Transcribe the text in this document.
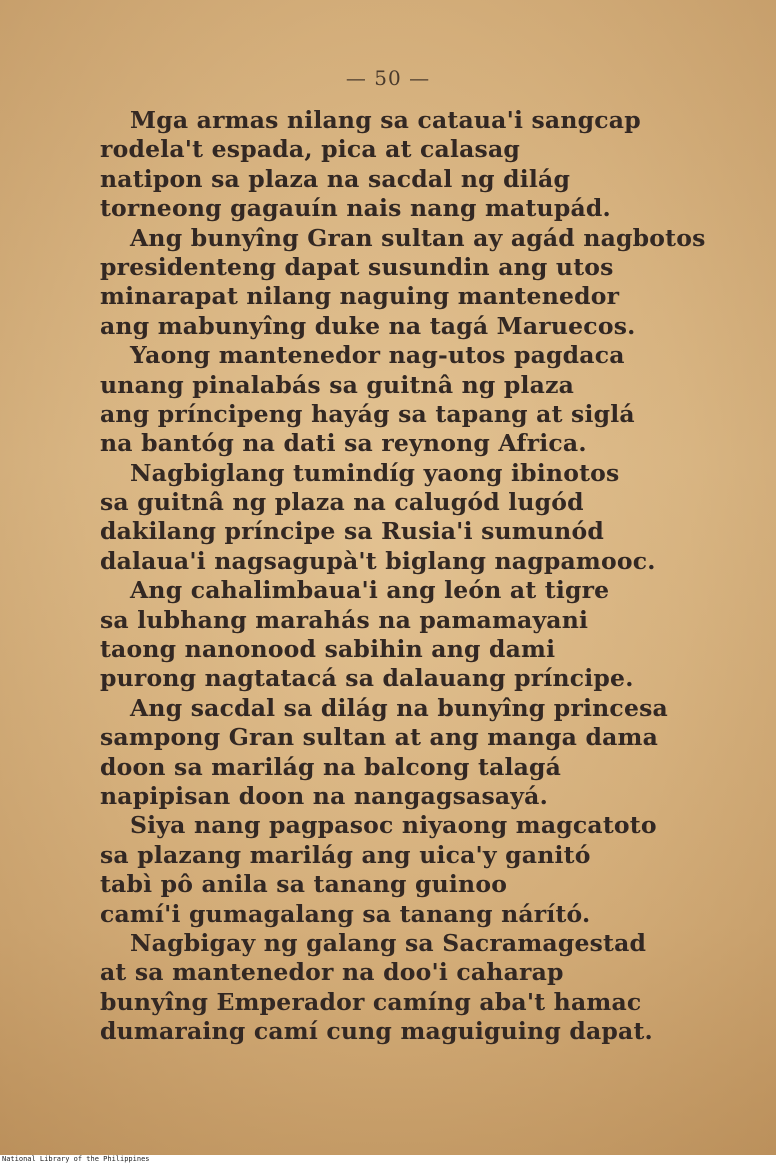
— 50 —
Mga armas nilang sa cataua'i sangcap
rodela't espada, pica at calasag
natipon sa plaza na sacdal ng dilág
torneong gagauín nais nang matupád.
Ang bunyîng Gran sultan ay agád nagbotos
presidenteng dapat susundin ang utos
minarapat nilang naguing mantenedor
ang mabunyîng duke na tagá Maruecos.
Yaong mantenedor nag-utos pagdaca
unang pinalabás sa guitnâ ng plaza
ang príncipeng hayág sa tapang at siglá
na bantóg na dati sa reynong Africa.
Nagbiglang tumindíg yaong ibinotos
sa guitnâ ng plaza na calugód lugód
dakilang príncipe sa Rusia'i sumunód
dalaua'i nagsagupà't biglang nagpamooc.
Ang cahalimbaua'i ang león at tigre
sa lubhang marahás na pamamayani
taong nanonood sabihin ang dami
purong nagtatacá sa dalauang príncipe.
Ang sacdal sa dilág na bunyîng princesa
sampong Gran sultan at ang manga dama
doon sa marilág na balcong talagá
napipisan doon na nangagsasayá.
Siya nang pagpasoc niyaong magcatoto
sa plazang marilág ang uica'y ganitó
tabì pô anila sa tanang guinoo
camí'i gumagalang sa tanang nárító.
Nagbigay ng galang sa Sacramagestad
at sa mantenedor na doo'i caharap
bunyîng Emperador camíng aba't hamac
dumaraing camí cung maguiguing dapat.
National Library of the Philippines
